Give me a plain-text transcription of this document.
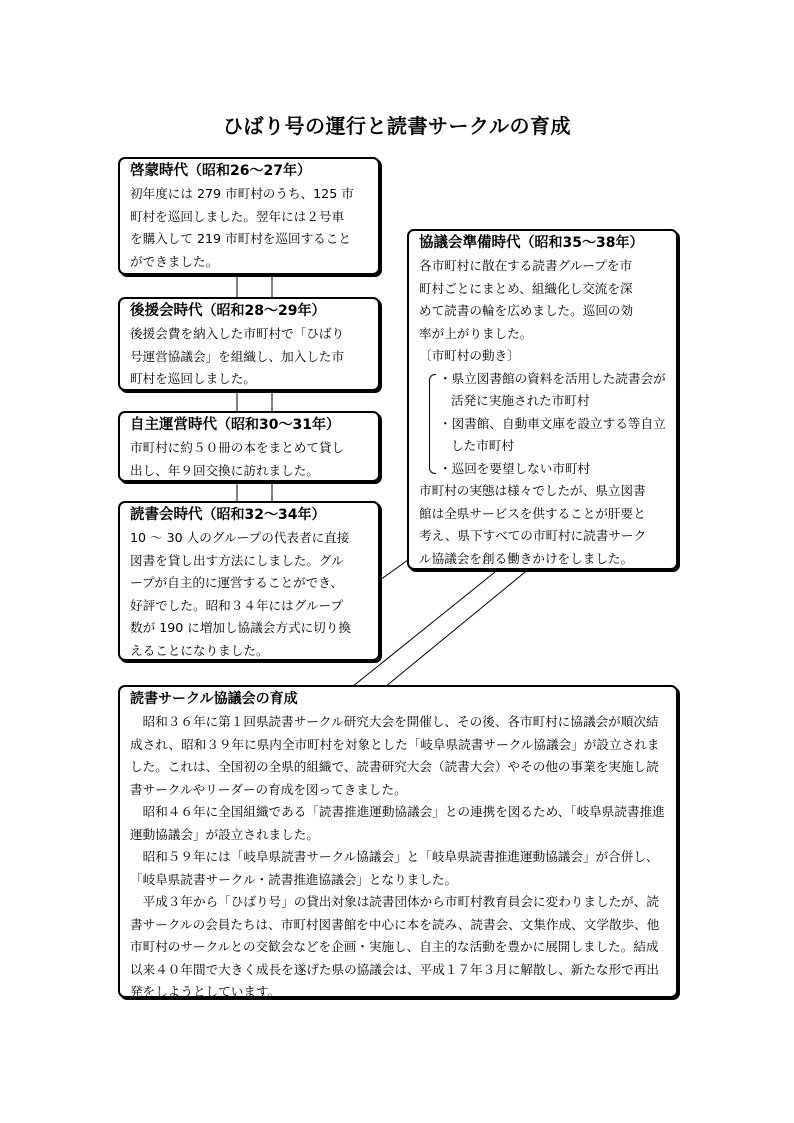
ひばり号の運行と読書サークルの育成
啓蒙時代（昭和26～27年）

初年度には 279 市町村のうち、125 市

町村を巡回しました。翌年には２号車

を購入して 219 市町村を巡回すること

ができました。

後援会時代（昭和28～29年）

後援会費を納入した市町村で「ひばり

号運営協議会」を組織し、加入した市

町村を巡回しました。

自主運営時代（昭和30～31年）

市町村に約５０冊の本をまとめて貸し

出し、年９回交換に訪れました。

読書会時代（昭和32～34年）

10 ～ 30 人のグループの代表者に直接

図書を貸し出す方法にしました。グル

ープが自主的に運営することができ、

好評でした。昭和３４年にはグループ

数が 190 に増加し協議会方式に切り換

えることになりました。

協議会準備時代（昭和35～38年）

各市町村に散在する読書グループを市

町村ごとにまとめ、組織化し交流を深

めて読書の輪を広めました。巡回の効

率が上がりました。

〔市町村の動き〕

・県立図書館の資料を活用した読書会が活発に実施された市町村
・図書館、自動車文庫を設立する等自立した市町村
・巡回を要望しない市町村

市町村の実態は様々でしたが、県立図書

館は全県サービスを供することが肝要と

考え、県下すべての市町村に読書サーク

ル協議会を創る働きかけをしました。

読書サークル協議会の育成

昭和３６年に第１回県読書サークル研究大会を開催し、その後、各市町村に協議会が順次結成され、昭和３９年に県内全市町村を対象とした「岐阜県読書サークル協議会」が設立されました。これは、全国初の全県的組織で、読書研究大会（読書大会）やその他の事業を実施し読書サークルやリーダーの育成を図ってきました。

昭和４６年に全国組織である「読書推進運動協議会」との連携を図るため、「岐阜県読書推進運動協議会」が設立されました。

昭和５９年には「岐阜県読書サークル協議会」と「岐阜県読書推進運動協議会」が合併し、「岐阜県読書サークル・読書推進協議会」となりました。

平成３年から「ひばり号」の貸出対象は読書団体から市町村教育員会に変わりましたが、読書サークルの会員たちは、市町村図書館を中心に本を読み、読書会、文集作成、文学散歩、他市町村のサークルとの交歓会などを企画・実施し、自主的な活動を豊かに展開しました。結成以来４０年間で大きく成長を遂げた県の協議会は、平成１７年３月に解散し、新たな形で再出発をしようとしています。
